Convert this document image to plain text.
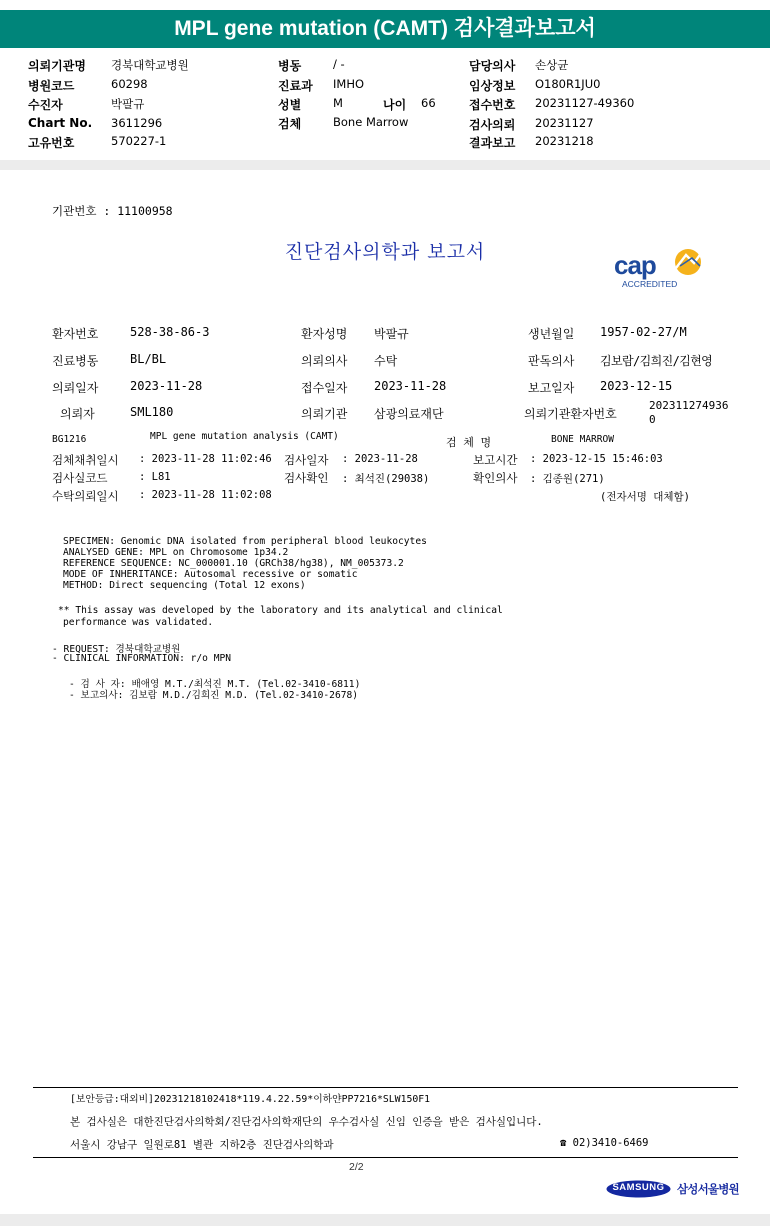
MPL gene mutation (CAMT) 검사결과보고서
의뢰기관명 경북대학교병원
병원코드	60298
수진자	박팔규
Chart No. 3611296
고유번호	570227-1
병동	/ -
진료과 IMHO
성별	M	나이 66
검체	Bone Marrow
담당의사 손상균
임상정보 O180R1JU0
접수번호 20231127-49360
검사의뢰 20231127
결과보고 20231218
기관번호 : 11100958
진단검사의학과 보고서	cap
ACCREDITED
환자번호	528-38-86-3	환자성명 박팔규	생년월일 1957-02-27/M
진료병동	BL/BL	의뢰의사 수탁	판독의사 김보람/김희진/김현영
의뢰일자	2023-11-28	접수일자 2023-11-28	보고일자 2023-12-15
의뢰자	SML180	의뢰기관 삼광의료재단	의뢰기관환자번호
202311274936
0
BG1216	MPL gene mutation analysis (CAMT)	검 체 명	BONE MARROW
검체채취일시 : 2023-11-28 11:02:46 검사일자 : 2023-11-28	보고시간 : 2023-12-15 15:46:03
검사실코드	: L81	검사확인 : 최석진(29038)	확인의사 : 김종원(271)
수탁의뢰일시 : 2023-11-28 11:02:08	(전자서명 대체함)
SPECIMEN: Genomic DNA isolated from peripheral blood leukocytes
ANALYSED GENE: MPL on Chromosome 1p34.2
REFERENCE SEQUENCE: NC_000001.10 (GRCh38/hg38), NM_005373.2
MODE OF INHERITANCE: Autosomal recessive or somatic
METHOD: Direct sequencing (Total 12 exons)
** This assay was developed by the laboratory and its analytical and clinical
performance was validated.
- REQUEST: 경북대학교병원
- CLINICAL INFORMATION: r/o MPN
- 검 사 자: 배애영 M.T./최석진 M.T. (Tel.02-3410-6811)
- 보고의사: 김보람 M.D./김희진 M.D. (Tel.02-3410-2678)
[보안등급:대외비]20231218102418*119.4.22.59*이하얀PP7216*SLW150F1
본 검사실은 대한진단검사의학회/진단검사의학재단의 우수검사실 신임 인증을 받은 검사실입니다.
서울시 강남구 일원로81 별관 지하2층 진단검사의학과	☎ 02)3410-6469
2/2
SAMSUNG	삼성서울병원
